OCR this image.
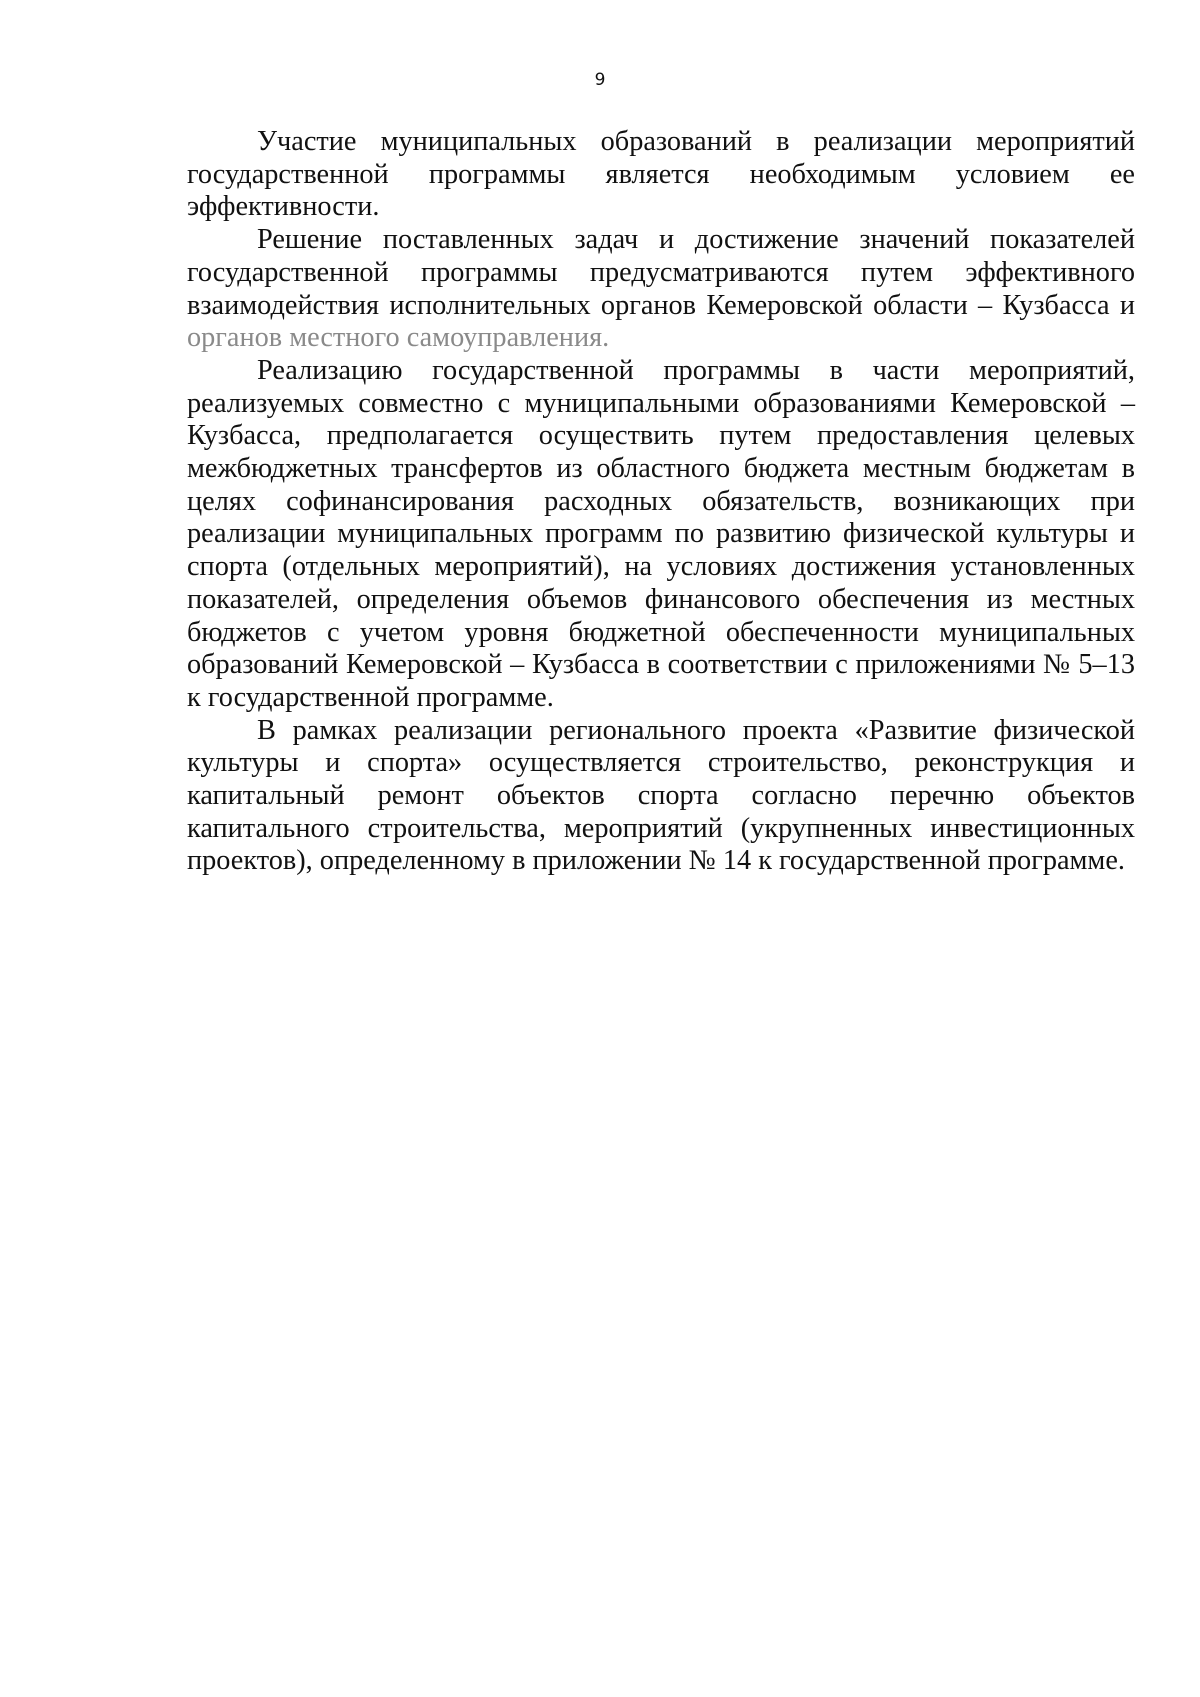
9

Участие муниципальных образований в реализации мероприятий государственной программы является необходимым условием ее эффективности.

Решение поставленных задач и достижение значений показателей государственной программы предусматриваются путем эффективного взаимодействия исполнительных органов Кемеровской области – Кузбасса и органов местного самоуправления.

Реализацию государственной программы в части мероприятий, реализуемых совместно с муниципальными образованиями Кемеровской – Кузбасса, предполагается осуществить путем предоставления целевых межбюджетных трансфертов из областного бюджета местным бюджетам в целях софинансирования расходных обязательств, возникающих при реализации муниципальных программ по развитию физической культуры и спорта (отдельных мероприятий), на условиях достижения установленных показателей, определения объемов финансового обеспечения из местных бюджетов с учетом уровня бюджетной обеспеченности муниципальных образований Кемеровской – Кузбасса в соответствии с приложениями № 5–13 к государственной программе.

В рамках реализации регионального проекта «Развитие физической культуры и спорта» осуществляется строительство, реконструкция и капитальный ремонт объектов спорта согласно перечню объектов капитального строительства, мероприятий (укрупненных инвестиционных проектов), определенному в приложении № 14 к государственной программе.
